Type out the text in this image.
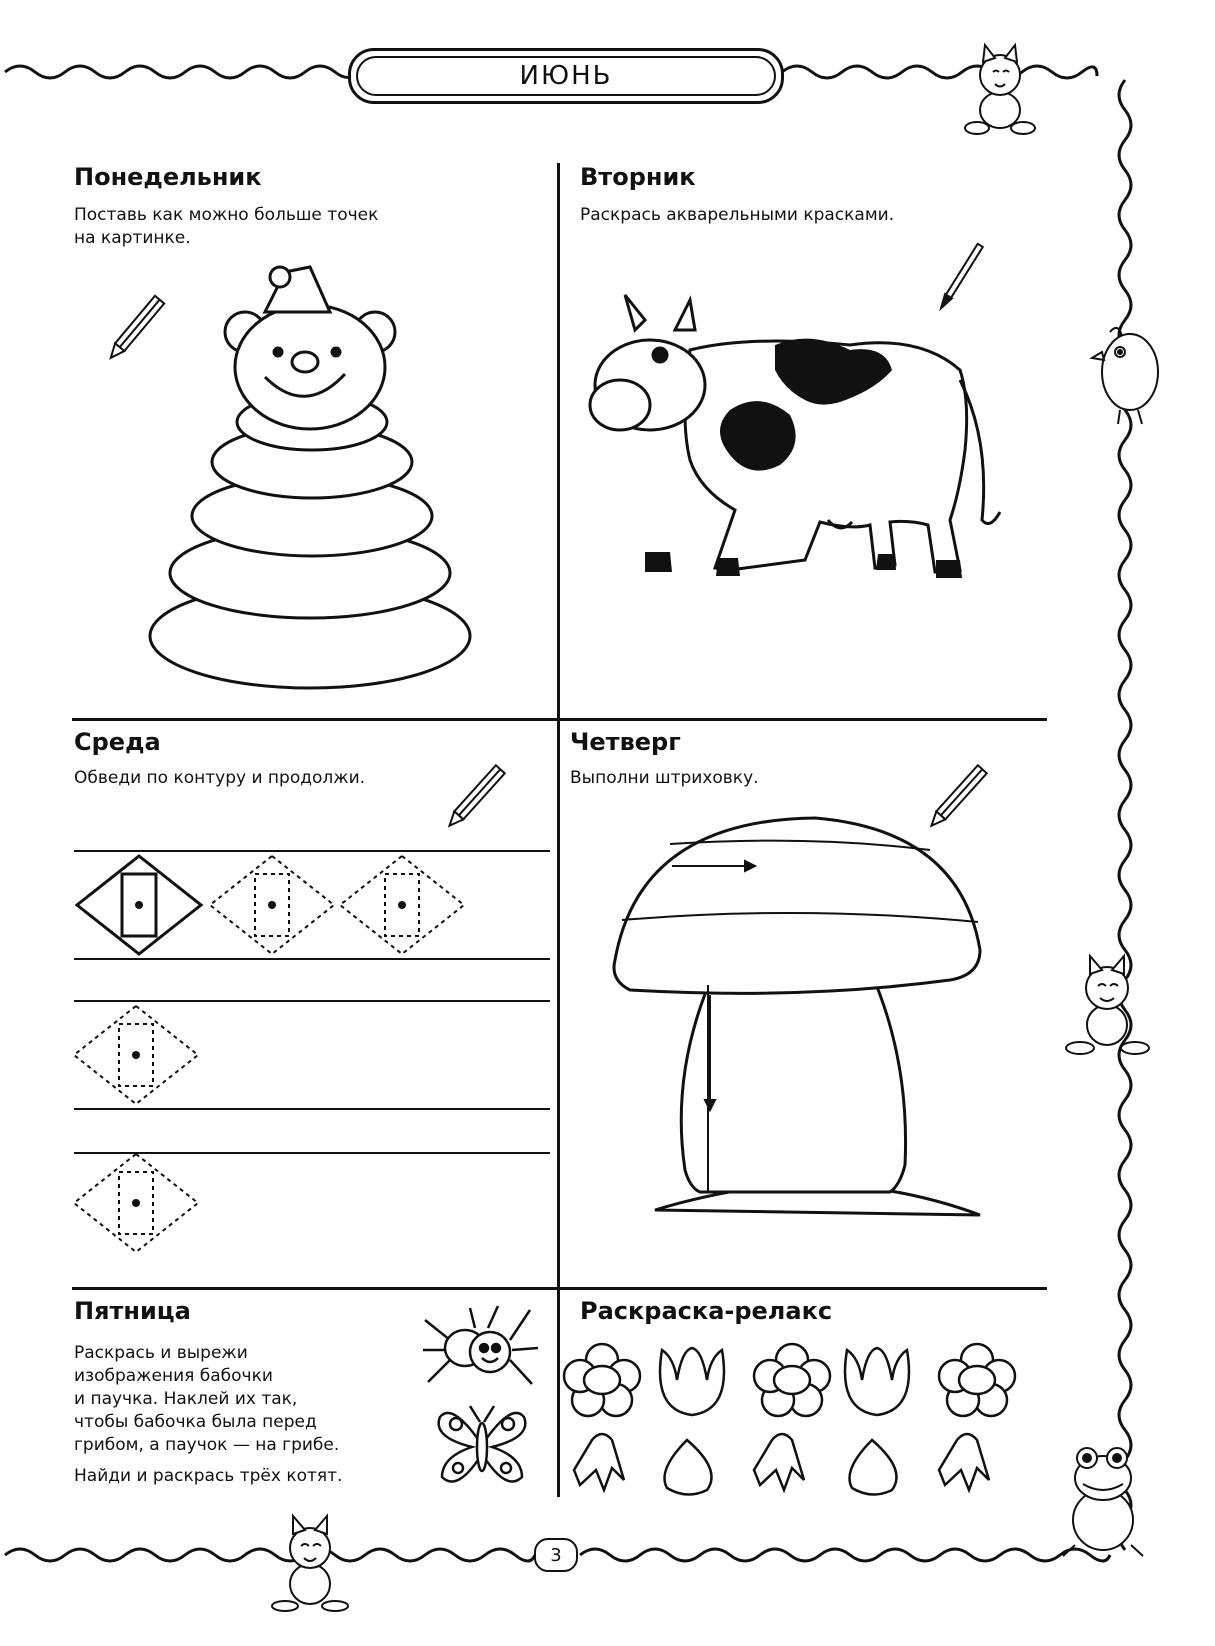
ИЮНЬ
Понедельник
Поставь как можно больше точек
на картинке.
Вторник
Раскрась акварельными красками.
Среда
Обведи по контуру и продолжи.
Четверг
Выполни штриховку.
Пятница
Раскрась и вырежи
изображения бабочки
и паучка. Наклей их так,
чтобы бабочка была перед
грибом, а паучок — на грибе.
Найди и раскрась трёх котят.
Раскраска-релакс
3
